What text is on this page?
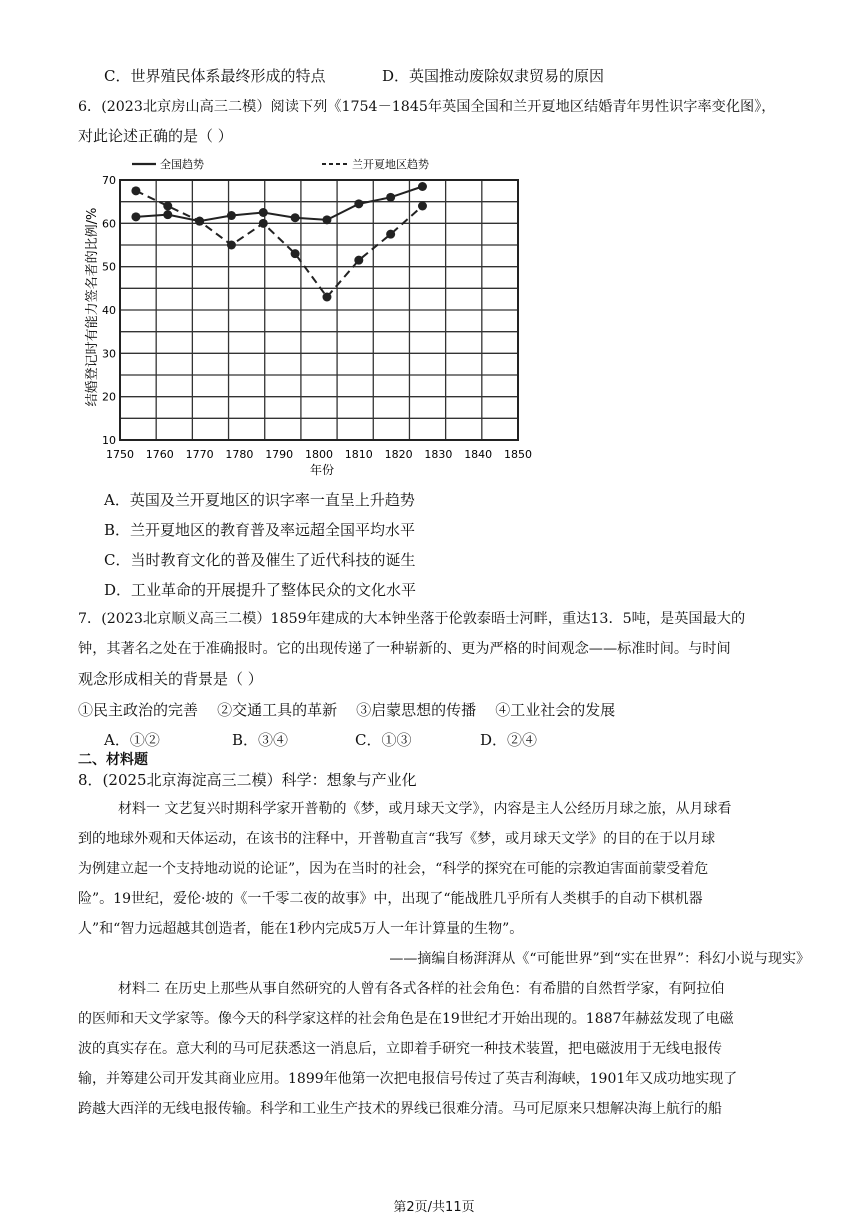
C．世界殖民体系最终形成的特点	D．英国推动废除奴隶贸易的原因
6．(2023北京房山高三二模）阅读下列《1754－1845年英国全国和兰开夏地区结婚青年男性识字率变化图》，
对此论述正确的是（ ）
全国趋势	兰开夏地区趋势
10
20
30
40
50
60
70
1750 1760 1770 1780 1790 1800 1810 1820 1830 1840 1850
年份
结婚登记时有能力签名者的比例/%
A．英国及兰开夏地区的识字率一直呈上升趋势
B．兰开夏地区的教育普及率远超全国平均水平
C．当时教育文化的普及催生了近代科技的诞生
D．工业革命的开展提升了整体民众的文化水平
7．(2023北京顺义高三二模）1859年建成的大本钟坐落于伦敦泰晤士河畔，重达13．5吨，是英国最大的
钟，其著名之处在于准确报时。它的出现传递了一种崭新的、更为严格的时间观念——标准时间。与时间
观念形成相关的背景是（ ）
①民主政治的完善    ②交通工具的革新    ③启蒙思想的传播    ④工业社会的发展
A．①②	B．③④	C．①③	D．②④
二、材料题
8．(2025北京海淀高三二模）科学：想象与产业化
材料一 文艺复兴时期科学家开普勒的《梦，或月球天文学》，内容是主人公经历月球之旅，从月球看
到的地球外观和天体运动，在该书的注释中，开普勒直言“我写《梦，或月球天文学》的目的在于以月球
为例建立起一个支持地动说的论证”，因为在当时的社会，“科学的探究在可能的宗教迫害面前蒙受着危
险”。19世纪，爱伦·坡的《一千零二夜的故事》中，出现了“能战胜几乎所有人类棋手的自动下棋机器
人”和“智力远超越其创造者，能在1秒内完成5万人一年计算量的生物”。
——摘编自杨湃湃从《“可能世界”到“实在世界”：科幻小说与现实》
材料二 在历史上那些从事自然研究的人曾有各式各样的社会角色：有希腊的自然哲学家，有阿拉伯
的医师和天文学家等。像今天的科学家这样的社会角色是在19世纪才开始出现的。1887年赫兹发现了电磁
波的真实存在。意大利的马可尼获悉这一消息后，立即着手研究一种技术装置，把电磁波用于无线电报传
输，并筹建公司开发其商业应用。1899年他第一次把电报信号传过了英吉利海峡，1901年又成功地实现了
跨越大西洋的无线电报传输。科学和工业生产技术的界线已很难分清。马可尼原来只想解决海上航行的船
第2页/共11页
